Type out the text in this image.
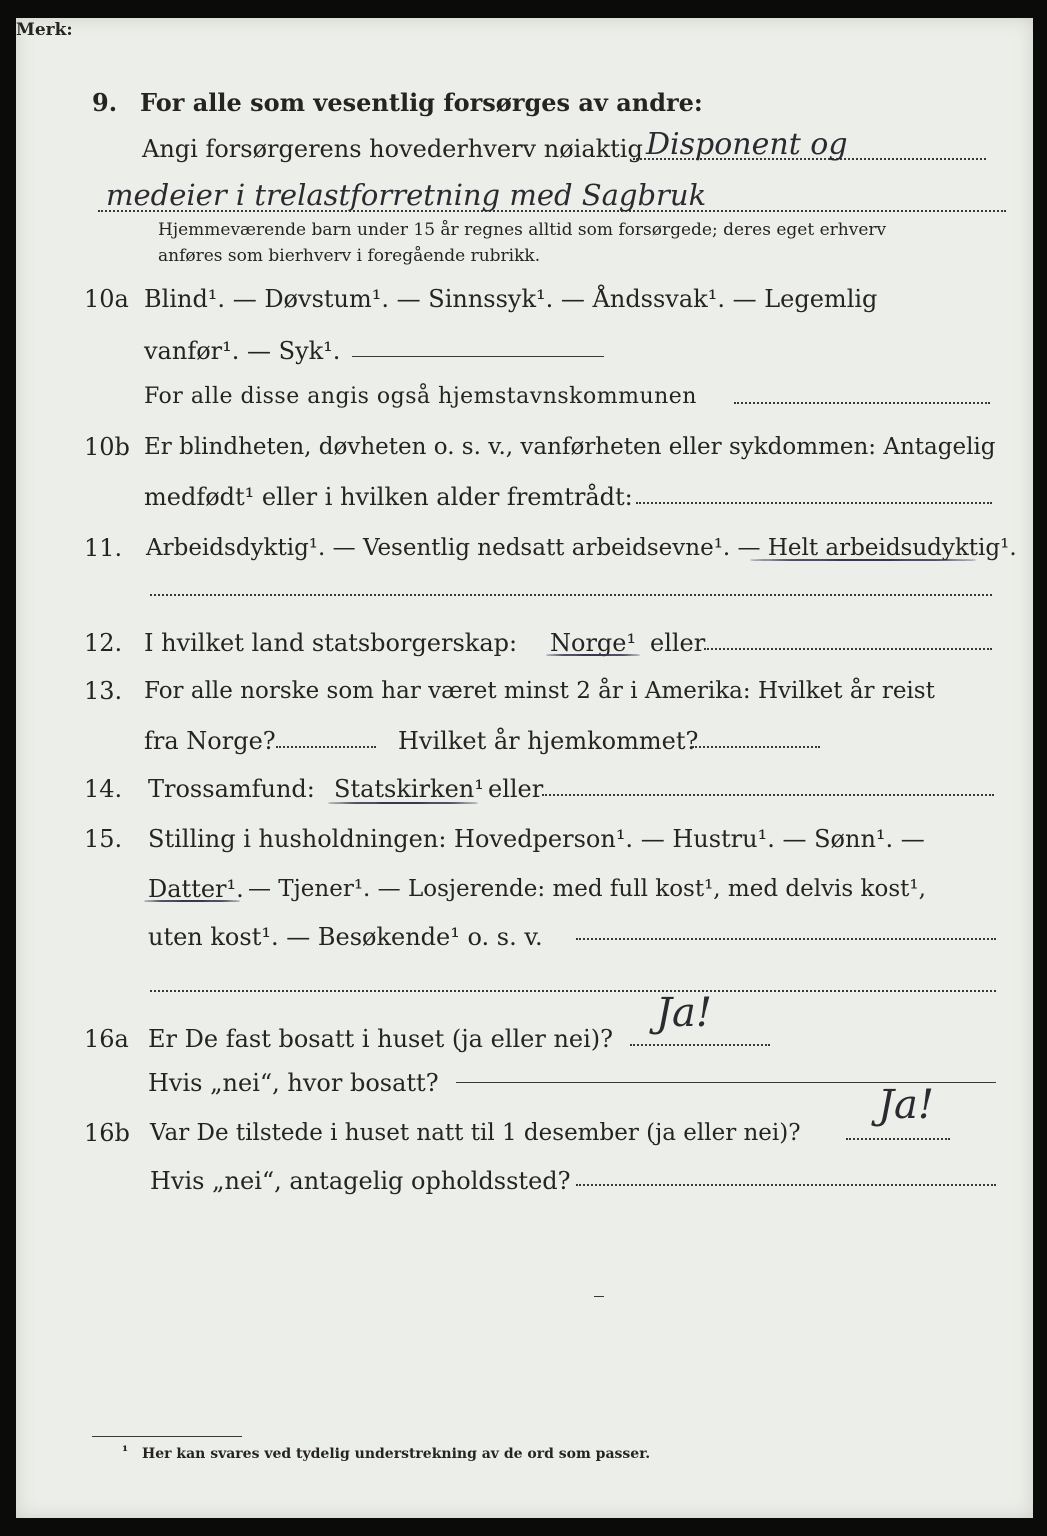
9. For alle som vesentlig forsørges av andre:
Angi forsørgerens hovederhverv nøiaktig Disponent og
medeier i trelastforretning med Sagbruk
Merk:
Hjemmeværende barn under 15 år regnes alltid som forsørgede; deres eget erhverv
anføres som bierhverv i foregående rubrikk.
10a Blind¹. — Døvstum¹. — Sinnssyk¹. — Åndssvak¹. — Legemlig
vanfør¹. — Syk¹.
For alle disse angis også hjemstavnskommunen
10b Er blindheten, døvheten o. s. v., vanførheten eller sykdommen: Antagelig
medfødt¹ eller i hvilken alder fremtrådt:
11. Arbeidsdyktig¹. — Vesentlig nedsatt arbeidsevne¹. — Helt arbeidsudyktig¹.
12. I hvilket land statsborgerskap: Norge¹ eller
13. For alle norske som har været minst 2 år i Amerika: Hvilket år reist
fra Norge?	Hvilket år hjemkommet?
14. Trossamfund: Statskirken¹ eller
15. Stilling i husholdningen: Hovedperson¹. — Hustru¹. — Sønn¹. —
Datter¹. — Tjener¹. — Losjerende: med full kost¹, med delvis kost¹,
uten kost¹. — Besøkende¹ o. s. v.
16a Er De fast bosatt i huset (ja eller nei)?
Ja!
Hvis „nei“, hvor bosatt?
16b Var De tilstede i huset natt til 1 desember (ja eller nei)?
Ja!
Hvis „nei“, antagelig opholdssted?
¹ Her kan svares ved tydelig understrekning av de ord som passer.
